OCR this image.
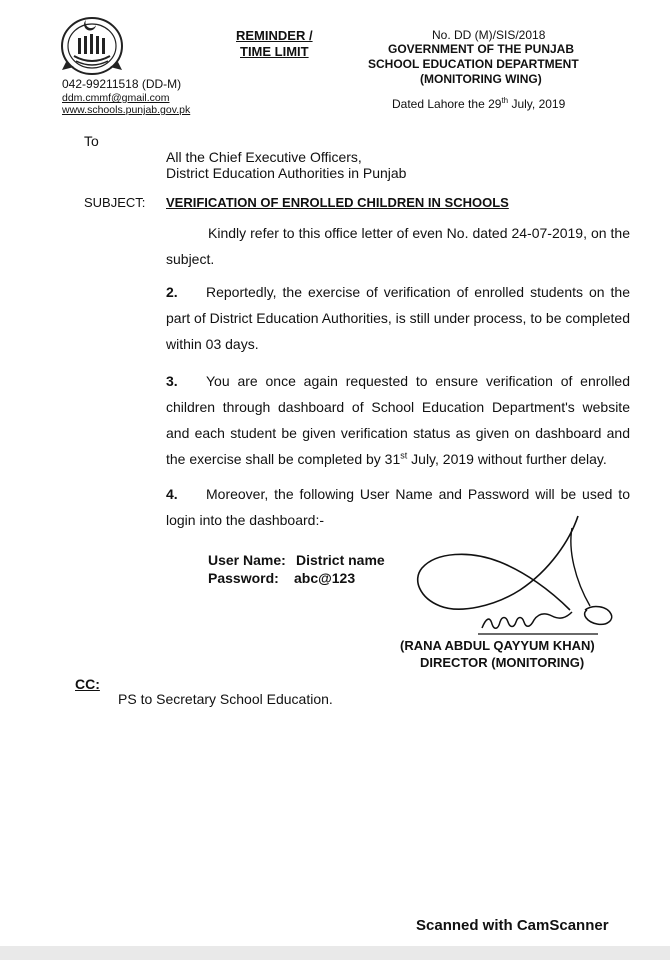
REMINDER /
TIME LIMIT
No. DD (M)/SIS/2018
GOVERNMENT OF THE PUNJAB
SCHOOL EDUCATION DEPARTMENT
(MONITORING WING)
042-99211518 (DD-M)
ddm.cmmf@gmail.com
www.schools.punjab.gov.pk	Dated Lahore the 29th July, 2019
To
All the Chief Executive Officers,
District Education Authorities in Punjab
SUBJECT: VERIFICATION OF ENROLLED CHILDREN IN SCHOOLS
Kindly refer to this office letter of even No. dated 24-07-2019, on the subject.
2. Reportedly, the exercise of verification of enrolled students on the part of District Education Authorities, is still under process, to be completed within 03 days.
3. You are once again requested to ensure verification of enrolled children through dashboard of School Education Department's website and each student be given verification status as given on dashboard and the exercise shall be completed by 31st July, 2019 without further delay.
4. Moreover, the following User Name and Password will be used to login into the dashboard:-
User Name: District name
Password: abc@123
(RANA ABDUL QAYYUM KHAN)
DIRECTOR (MONITORING)
CC:
PS to Secretary School Education.
Scanned with CamScanner
